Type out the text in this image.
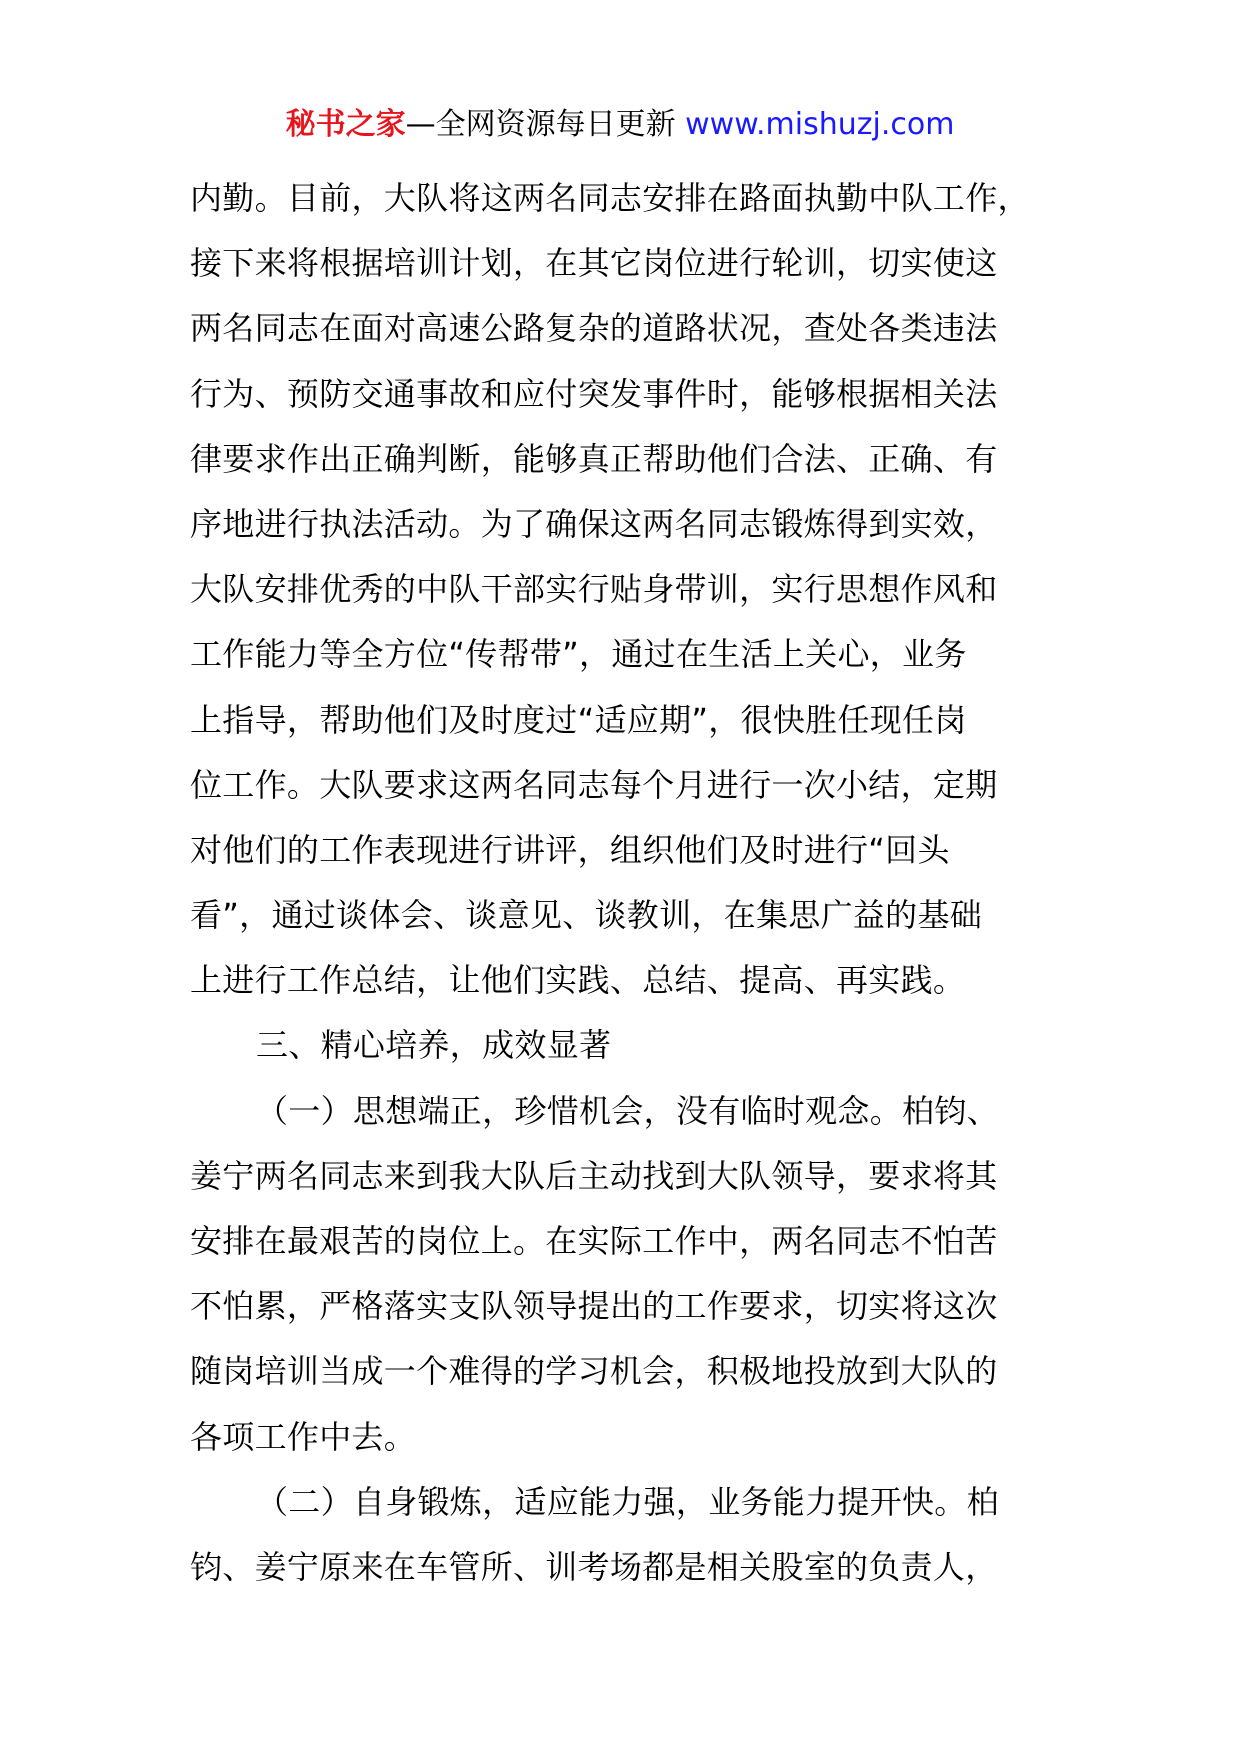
秘书之家—全网资源每日更新 www.mishuzj.com
内勤。目前，大队将这两名同志安排在路面执勤中队工作，
接下来将根据培训计划，在其它岗位进行轮训，切实使这
两名同志在面对高速公路复杂的道路状况，查处各类违法
行为、预防交通事故和应付突发事件时，能够根据相关法
律要求作出正确判断，能够真正帮助他们合法、正确、有
序地进行执法活动。为了确保这两名同志锻炼得到实效，
大队安排优秀的中队干部实行贴身带训，实行思想作风和
工作能力等全方位“传帮带”，通过在生活上关心，业务
上指导，帮助他们及时度过“适应期”，很快胜任现任岗
位工作。大队要求这两名同志每个月进行一次小结，定期
对他们的工作表现进行讲评，组织他们及时进行“回头
看”，通过谈体会、谈意见、谈教训，在集思广益的基础
上进行工作总结，让他们实践、总结、提高、再实践。
三、精心培养，成效显著
（一）思想端正，珍惜机会，没有临时观念。柏钧、
姜宁两名同志来到我大队后主动找到大队领导，要求将其
安排在最艰苦的岗位上。在实际工作中，两名同志不怕苦
不怕累，严格落实支队领导提出的工作要求，切实将这次
随岗培训当成一个难得的学习机会，积极地投放到大队的
各项工作中去。
（二）自身锻炼，适应能力强，业务能力提开快。柏
钧、姜宁原来在车管所、训考场都是相关股室的负责人，
